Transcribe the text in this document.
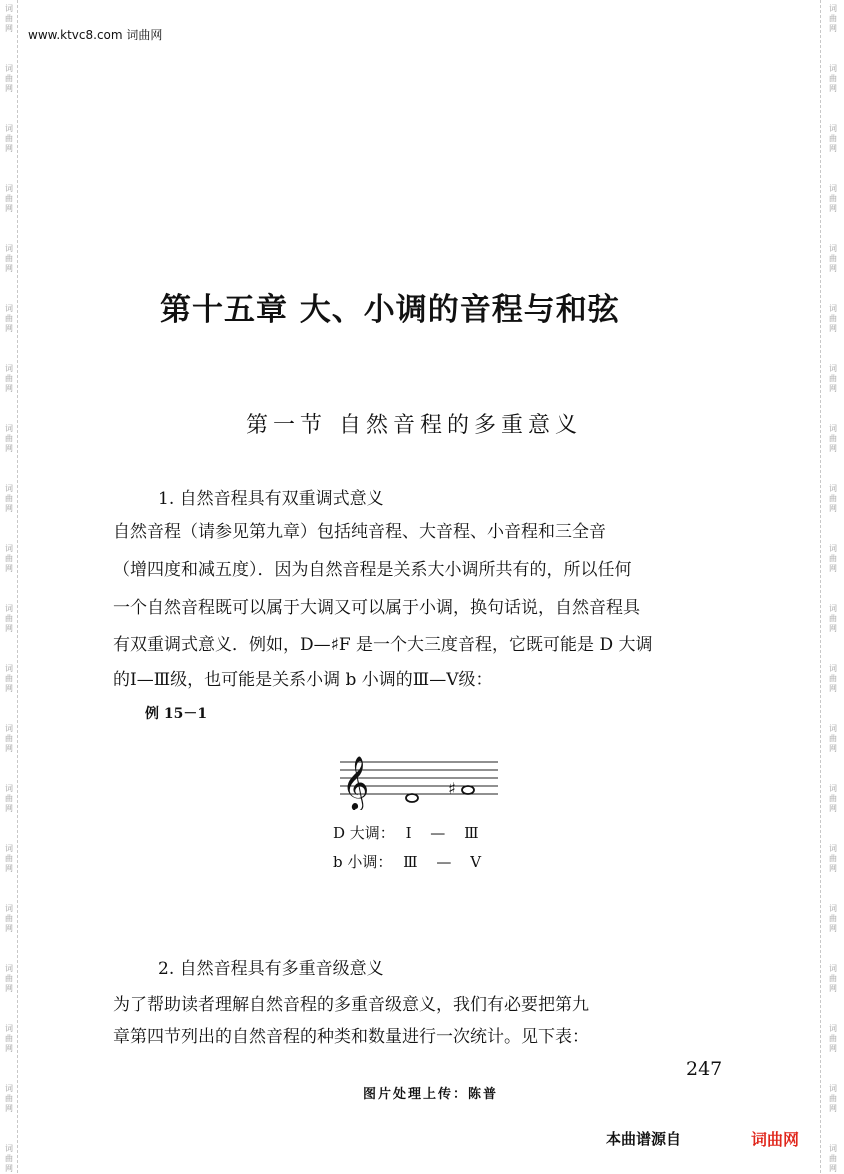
词
曲
网
词
曲
网
词
曲
网
词
曲
网
词
曲
网
词
曲
网
词
曲
网
词
曲
网
词
曲
网
词
曲
网
词
曲
网
词
曲
网
词
曲
网
词
曲
网
词
曲
网
词
曲
网
词
曲
网
词
曲
网
词
曲
网
词
曲
网
词
曲
网
词
曲
网
词
曲
网
词
曲
网
词
曲
网
词
曲
网
词
曲
网
词
曲
网
词
曲
网
词
曲
网
词
曲
网
词
曲
网
词
曲
网
词
曲
网
词
曲
网
词
曲
网
词
曲
网
词
曲
网
词
曲
网
词
曲
网
www.ktvc8.com 词曲网
第十五章 大、小调的音程与和弦
第一节 自然音程的多重意义
1. 自然音程具有双重调式意义
自然音程（请参见第九章）包括纯音程、大音程、小音程和三全音
（增四度和减五度）．因为自然音程是关系大小调所共有的，所以任何
一个自然音程既可以属于大调又可以属于小调，换句话说，自然音程具
有双重调式意义．例如，D—♯F 是一个大三度音程，它既可能是 D 大调
的Ⅰ—Ⅲ级，也可能是关系小调 b 小调的Ⅲ—Ⅴ级：
例 15－1
𝄞	♯
D 大调： Ⅰ — Ⅲ
b 小调： Ⅲ — Ⅴ
2. 自然音程具有多重音级意义
为了帮助读者理解自然音程的多重音级意义，我们有必要把第九
章第四节列出的自然音程的种类和数量进行一次统计。见下表：
247
图片处理上传：陈普
本曲谱源自	词曲网
